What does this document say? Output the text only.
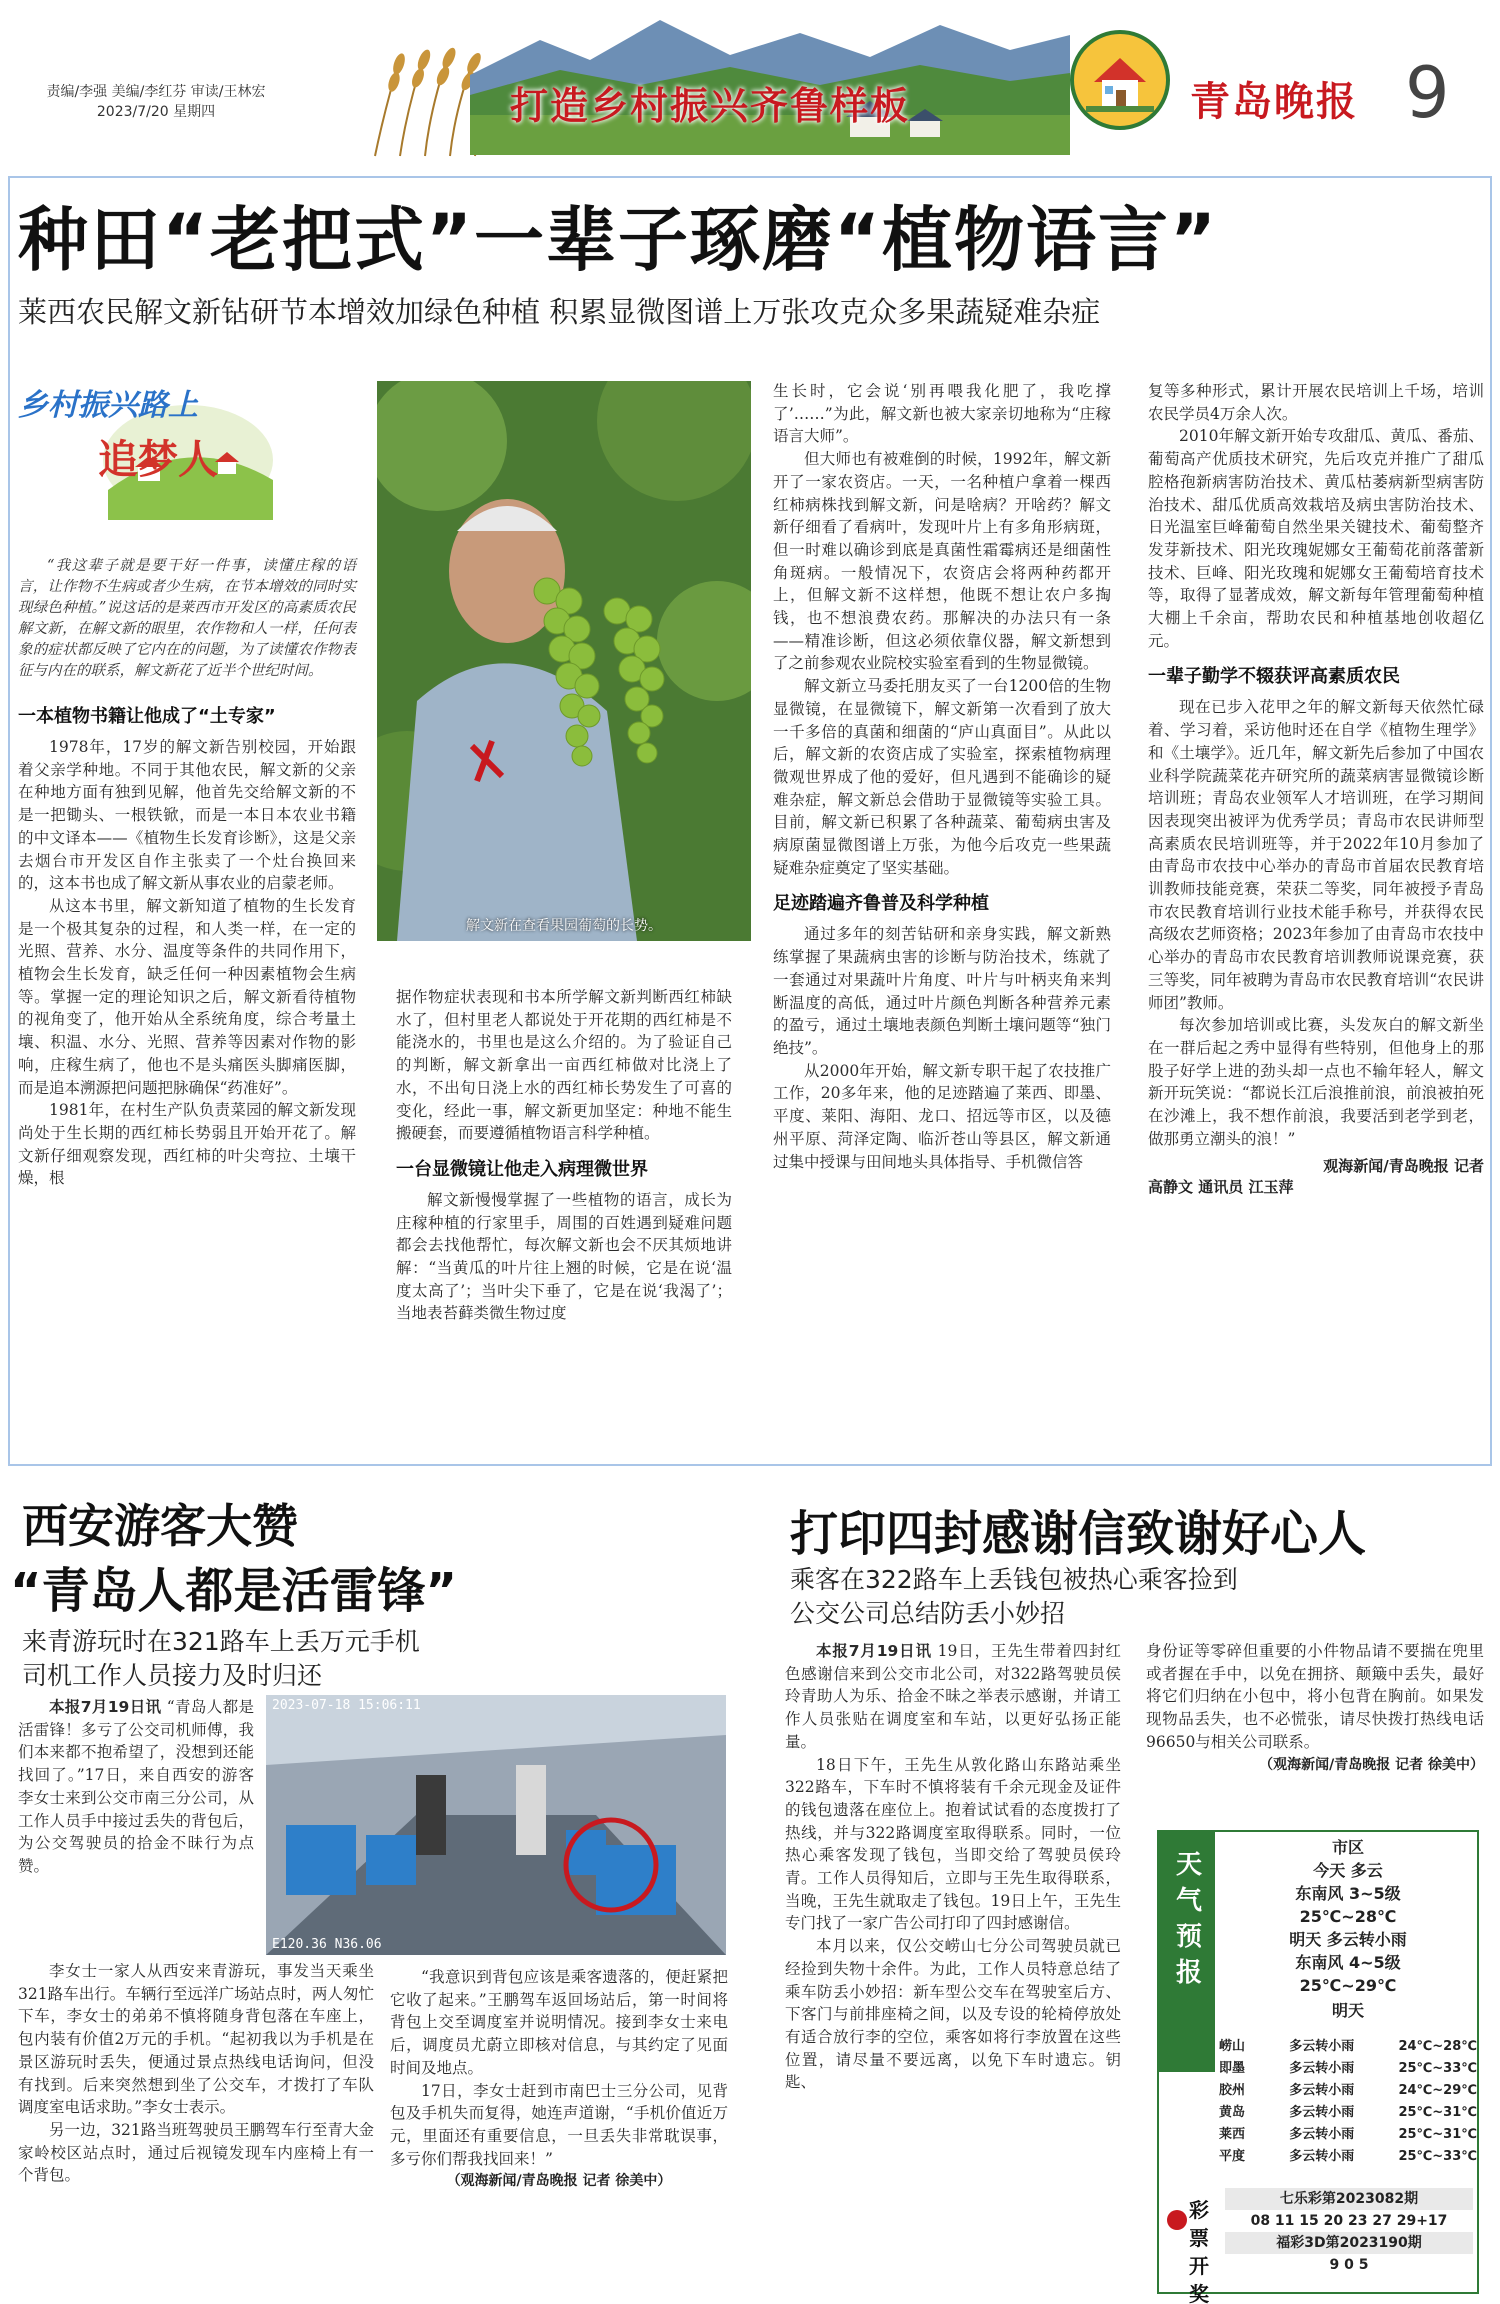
责编/李强 美编/李红芬 审读/王林宏
2023/7/20 星期四	打造乡村振兴齐鲁样板	青岛晚报 9
种田“老把式”一辈子琢磨“植物语言”
莱西农民解文新钻研节本增效加绿色种植 积累显微图谱上万张攻克众多果蔬疑难杂症
乡村振兴路上
追梦人

“我这辈子就是要干好一件事，读懂庄稼的语言，让作物不生病或者少生病，在节本增效的同时实现绿色种植。”说这话的是莱西市开发区的高素质农民解文新，在解文新的眼里，农作物和人一样，任何表象的症状都反映了它内在的问题，为了读懂农作物表征与内在的联系，解文新花了近半个世纪时间。

一本植物书籍让他成了“土专家”

1978年，17岁的解文新告别校园，开始跟着父亲学种地。不同于其他农民，解文新的父亲在种地方面有独到见解，他首先交给解文新的不是一把锄头、一根铁锨，而是一本日本农业书籍的中文译本——《植物生长发育诊断》，这是父亲去烟台市开发区自作主张卖了一个灶台换回来的，这本书也成了解文新从事农业的启蒙老师。

从这本书里，解文新知道了植物的生长发育是一个极其复杂的过程，和人类一样，在一定的光照、营养、水分、温度等条件的共同作用下，植物会生长发育，缺乏任何一种因素植物会生病等。掌握一定的理论知识之后，解文新看待植物的视角变了，他开始从全系统角度，综合考量土壤、积温、水分、光照、营养等因素对作物的影响，庄稼生病了，他也不是头痛医头脚痛医脚，而是追本溯源把问题把脉确保“药准好”。

1981年，在村生产队负责菜园的解文新发现尚处于生长期的西红柿长势弱且开始开花了。解文新仔细观察发现，西红柿的叶尖弯拉、土壤干燥，根

解文新在查看果园葡萄的长势。

据作物症状表现和书本所学解文新判断西红柿缺水了，但村里老人都说处于开花期的西红柿是不能浇水的，书里也是这么介绍的。为了验证自己的判断，解文新拿出一亩西红柿做对比浇上了水，不出旬日浇上水的西红柿长势发生了可喜的变化，经此一事，解文新更加坚定：种地不能生搬硬套，而要遵循植物语言科学种植。

一台显微镜让他走入病理微世界

解文新慢慢掌握了一些植物的语言，成长为庄稼种植的行家里手，周围的百姓遇到疑难问题都会去找他帮忙，每次解文新也会不厌其烦地讲解：“当黄瓜的叶片往上翘的时候，它是在说‘温度太高了’；当叶尖下垂了，它是在说‘我渴了’；当地表苔藓类微生物过度

生长时，它会说‘别再喂我化肥了，我吃撑了’……”为此，解文新也被大家亲切地称为“庄稼语言大师”。

但大师也有被难倒的时候，1992年，解文新开了一家农资店。一天，一名种植户拿着一棵西红柿病株找到解文新，问是啥病？开啥药？解文新仔细看了看病叶，发现叶片上有多角形病斑，但一时难以确诊到底是真菌性霜霉病还是细菌性角斑病。一般情况下，农资店会将两种药都开上，但解文新不这样想，他既不想让农户多掏钱，也不想浪费农药。那解决的办法只有一条——精准诊断，但这必须依靠仪器，解文新想到了之前参观农业院校实验室看到的生物显微镜。

解文新立马委托朋友买了一台1200倍的生物显微镜，在显微镜下，解文新第一次看到了放大一千多倍的真菌和细菌的“庐山真面目”。从此以后，解文新的农资店成了实验室，探索植物病理微观世界成了他的爱好，但凡遇到不能确诊的疑难杂症，解文新总会借助于显微镜等实验工具。目前，解文新已积累了各种蔬菜、葡萄病虫害及病原菌显微图谱上万张，为他今后攻克一些果蔬疑难杂症奠定了坚实基础。

足迹踏遍齐鲁普及科学种植

通过多年的刻苦钻研和亲身实践，解文新熟练掌握了果蔬病虫害的诊断与防治技术，练就了一套通过对果蔬叶片角度、叶片与叶柄夹角来判断温度的高低，通过叶片颜色判断各种营养元素的盈亏，通过土壤地表颜色判断土壤问题等“独门绝技”。

从2000年开始，解文新专职干起了农技推广工作，20多年来，他的足迹踏遍了莱西、即墨、平度、莱阳、海阳、龙口、招远等市区，以及德州平原、菏泽定陶、临沂苍山等县区，解文新通过集中授课与田间地头具体指导、手机微信答

复等多种形式，累计开展农民培训上千场，培训农民学员4万余人次。

2010年解文新开始专攻甜瓜、黄瓜、番茄、葡萄高产优质技术研究，先后攻克并推广了甜瓜腔格孢新病害防治技术、黄瓜枯萎病新型病害防治技术、甜瓜优质高效栽培及病虫害防治技术、日光温室巨峰葡萄自然坐果关键技术、葡萄整齐发芽新技术、阳光玫瑰妮娜女王葡萄花前落蕾新技术、巨峰、阳光玫瑰和妮娜女王葡萄培育技术等，取得了显著成效，解文新每年管理葡萄种植大棚上千余亩，帮助农民和种植基地创收超亿元。

一辈子勤学不辍获评高素质农民

现在已步入花甲之年的解文新每天依然忙碌着、学习着，采访他时还在自学《植物生理学》和《土壤学》。近几年，解文新先后参加了中国农业科学院蔬菜花卉研究所的蔬菜病害显微镜诊断培训班；青岛农业领军人才培训班，在学习期间因表现突出被评为优秀学员；青岛市农民讲师型高素质农民培训班等，并于2022年10月参加了由青岛市农技中心举办的青岛市首届农民教育培训教师技能竞赛，荣获二等奖，同年被授予青岛市农民教育培训行业技术能手称号，并获得农民高级农艺师资格；2023年参加了由青岛市农技中心举办的青岛市农民教育培训教师说课竞赛，获三等奖，同年被聘为青岛市农民教育培训“农民讲师团”教师。

每次参加培训或比赛，头发灰白的解文新坐在一群后起之秀中显得有些特别，但他身上的那股子好学上进的劲头却一点也不输年轻人，解文新开玩笑说：“都说长江后浪推前浪，前浪被拍死在沙滩上，我不想作前浪，我要活到老学到老，做那勇立潮头的浪！”

观海新闻/青岛晚报 记者
高静文 通讯员 江玉萍
西安游客大赞
“青岛人都是活雷锋”
来青游玩时在321路车上丢万元手机
司机工作人员接力及时归还
2023-07-18 15:06:11
E120.36 N36.06

本报7月19日讯 “青岛人都是活雷锋！多亏了公交司机师傅，我们本来都不抱希望了，没想到还能找回了。”17日，来自西安的游客李女士来到公交市南三分公司，从工作人员手中接过丢失的背包后，为公交驾驶员的拾金不昧行为点赞。

李女士一家人从西安来青游玩，事发当天乘坐321路车出行。车辆行至远洋广场站点时，两人匆忙下车，李女士的弟弟不慎将随身背包落在车座上，包内装有价值2万元的手机。“起初我以为手机是在景区游玩时丢失，便通过景点热线电话询问，但没有找到。后来突然想到坐了公交车，才拨打了车队调度室电话求助。”李女士表示。

另一边，321路当班驾驶员王鹏驾车行至青大金家岭校区站点时，通过后视镜发现车内座椅上有一个背包。

“我意识到背包应该是乘客遗落的，便赶紧把它收了起来。”王鹏驾车返回场站后，第一时间将背包上交至调度室并说明情况。接到李女士来电后，调度员尤蔚立即核对信息，与其约定了见面时间及地点。

17日，李女士赶到市南巴士三分公司，见背包及手机失而复得，她连声道谢，“手机价值近万元，里面还有重要信息，一旦丢失非常耽误事，多亏你们帮我找回来！”

（观海新闻/青岛晚报 记者 徐美中）
打印四封感谢信致谢好心人
乘客在322路车上丢钱包被热心乘客捡到
公交公司总结防丢小妙招

本报7月19日讯 19日，王先生带着四封红色感谢信来到公交市北公司，对322路驾驶员侯玲青助人为乐、拾金不昧之举表示感谢，并请工作人员张贴在调度室和车站，以更好弘扬正能量。

18日下午，王先生从敦化路山东路站乘坐322路车，下车时不慎将装有千余元现金及证件的钱包遗落在座位上。抱着试试看的态度拨打了热线，并与322路调度室取得联系。同时，一位热心乘客发现了钱包，当即交给了驾驶员侯玲青。工作人员得知后，立即与王先生取得联系，当晚，王先生就取走了钱包。19日上午，王先生专门找了一家广告公司打印了四封感谢信。

本月以来，仅公交崂山七分公司驾驶员就已经捡到失物十余件。为此，工作人员特意总结了乘车防丢小妙招：新车型公交车在驾驶室后方、下客门与前排座椅之间，以及专设的轮椅停放处有适合放行李的空位，乘客如将行李放置在这些位置，请尽量不要远离，以免下车时遗忘。钥匙、

身份证等零碎但重要的小件物品请不要揣在兜里或者握在手中，以免在拥挤、颠簸中丢失，最好将它们归纳在小包中，将小包背在胸前。如果发现物品丢失，也不必慌张，请尽快拨打热线电话96650与相关公司联系。

（观海新闻/青岛晚报 记者 徐美中）
天气预报
市区
今天 多云
东南风 3~5级
25℃~28℃
明天 多云转小雨
东南风 4~5级
25℃~29℃
明天
崂山	多云转小雨	24℃~28℃
即墨	多云转小雨	25℃~33℃
胶州	多云转小雨	24℃~29℃
黄岛	多云转小雨	25℃~31℃
莱西	多云转小雨	25℃~31℃
平度	多云转小雨	25℃~33℃
彩票开奖
七乐彩第2023082期
08 11 15 20 23 27 29+17
福彩3D第2023190期
9 0 5
